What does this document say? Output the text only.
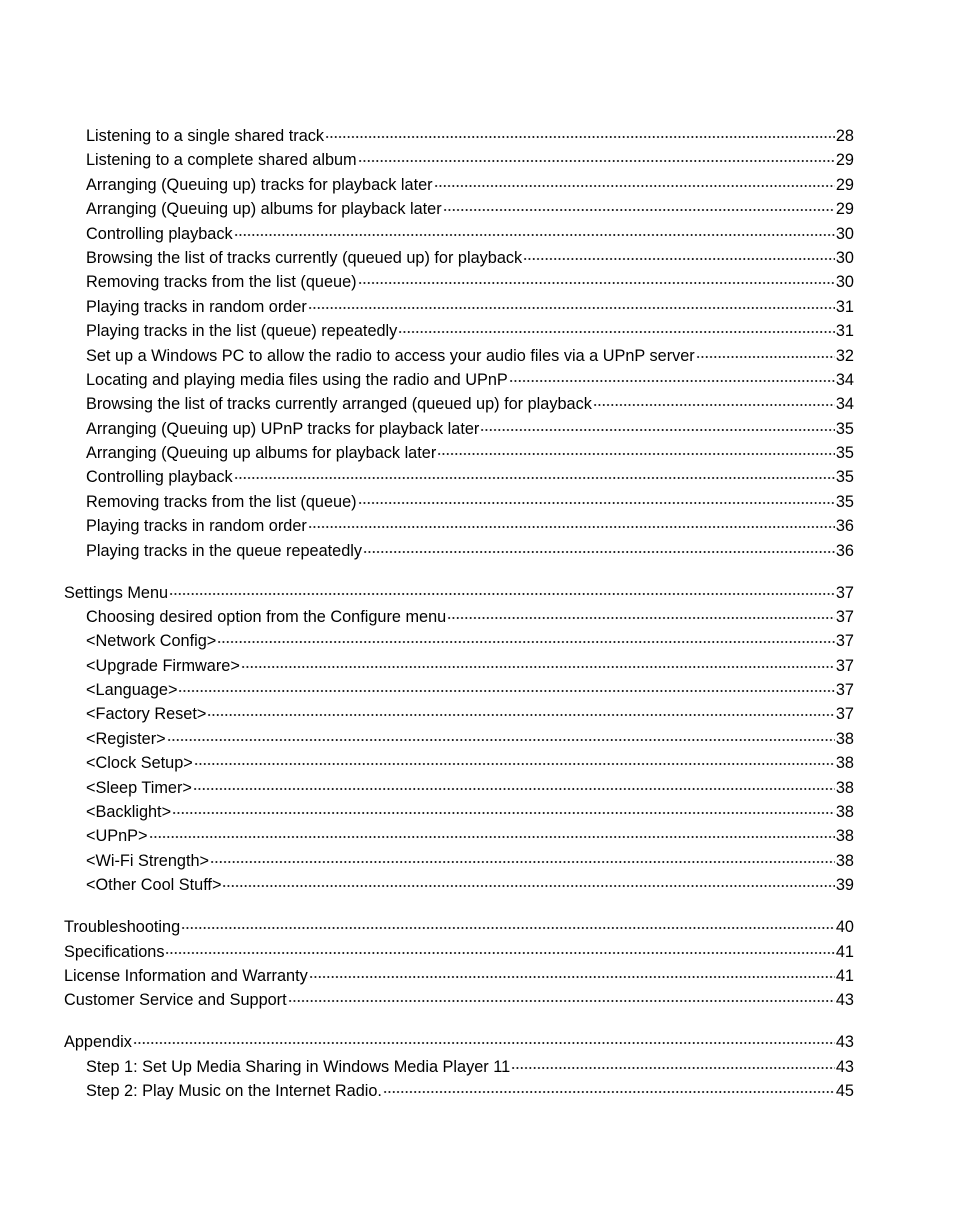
Listening to a single shared track	28
Listening to a complete shared album	29
Arranging (Queuing up) tracks for playback later	29
Arranging (Queuing up) albums for playback later	29
Controlling playback	30
Browsing the list of tracks currently (queued up) for playback	30
Removing tracks from the list (queue)	30
Playing tracks in random order	31
Playing tracks in the list (queue) repeatedly	31
Set up a Windows PC to allow the radio to access your audio files via a UPnP server	32
Locating and playing media files using the radio and UPnP	34
Browsing the list of tracks currently arranged (queued up) for playback	34
Arranging (Queuing up) UPnP tracks for playback later	35
Arranging (Queuing up albums for playback later	35
Controlling playback	35
Removing tracks from the list (queue)	35
Playing tracks in random order	36
Playing tracks in the queue repeatedly	36
Settings Menu	37
Choosing desired option from the Configure menu	37
<Network Config>	37
<Upgrade Firmware>	37
<Language>	37
<Factory Reset>	37
<Register>	38
<Clock Setup>	38
<Sleep Timer>	38
<Backlight>	38
<UPnP>	38
<Wi-Fi Strength>	38
<Other Cool Stuff>	39
Troubleshooting	40
Specifications	41
License Information and Warranty	41
Customer Service and Support	43
Appendix	43
Step 1: Set Up Media Sharing in Windows Media Player 11	43
Step 2: Play Music on the Internet Radio.	45
